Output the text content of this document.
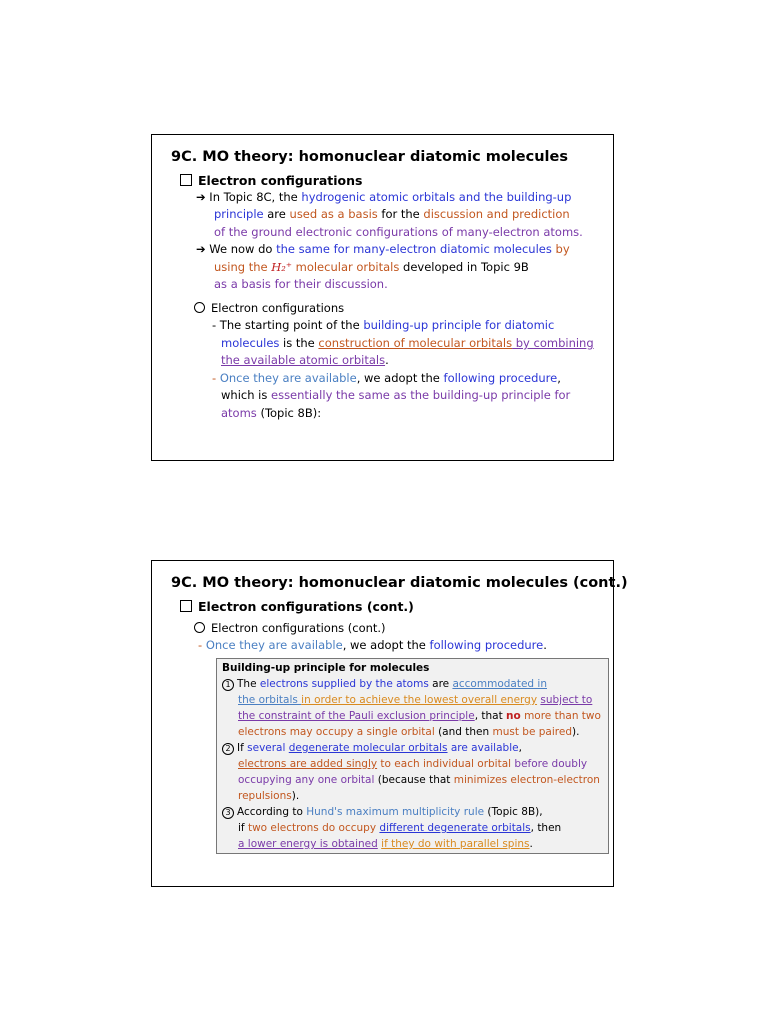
9C. MO theory: homonuclear diatomic molecules
Electron configurations
➔ In Topic 8C, the hydrogenic atomic orbitals and the building-up
principle are used as a basis for the discussion and prediction
of the ground electronic configurations of many-electron atoms.
➔ We now do the same for many-electron diatomic molecules by
using the H₂⁺ molecular orbitals developed in Topic 9B
as a basis for their discussion.
Electron configurations
- The starting point of the building-up principle for diatomic
molecules is the construction of molecular orbitals by combining
the available atomic orbitals.
- Once they are available, we adopt the following procedure,
which is essentially the same as the building-up principle for
atoms (Topic 8B):
9C. MO theory: homonuclear diatomic molecules (cont.)
Electron configurations (cont.)
Electron configurations (cont.)
- Once they are available, we adopt the following procedure.
Building-up principle for molecules
1 The electrons supplied by the atoms are accommodated in
the orbitals in order to achieve the lowest overall energy subject to
the constraint of the Pauli exclusion principle, that no more than two
electrons may occupy a single orbital (and then must be paired).
2 If several degenerate molecular orbitals are available,
electrons are added singly to each individual orbital before doubly
occupying any one orbital (because that minimizes electron-electron
repulsions).
3 According to Hund's maximum multiplicity rule (Topic 8B),
if two electrons do occupy different degenerate orbitals, then
a lower energy is obtained if they do with parallel spins.
